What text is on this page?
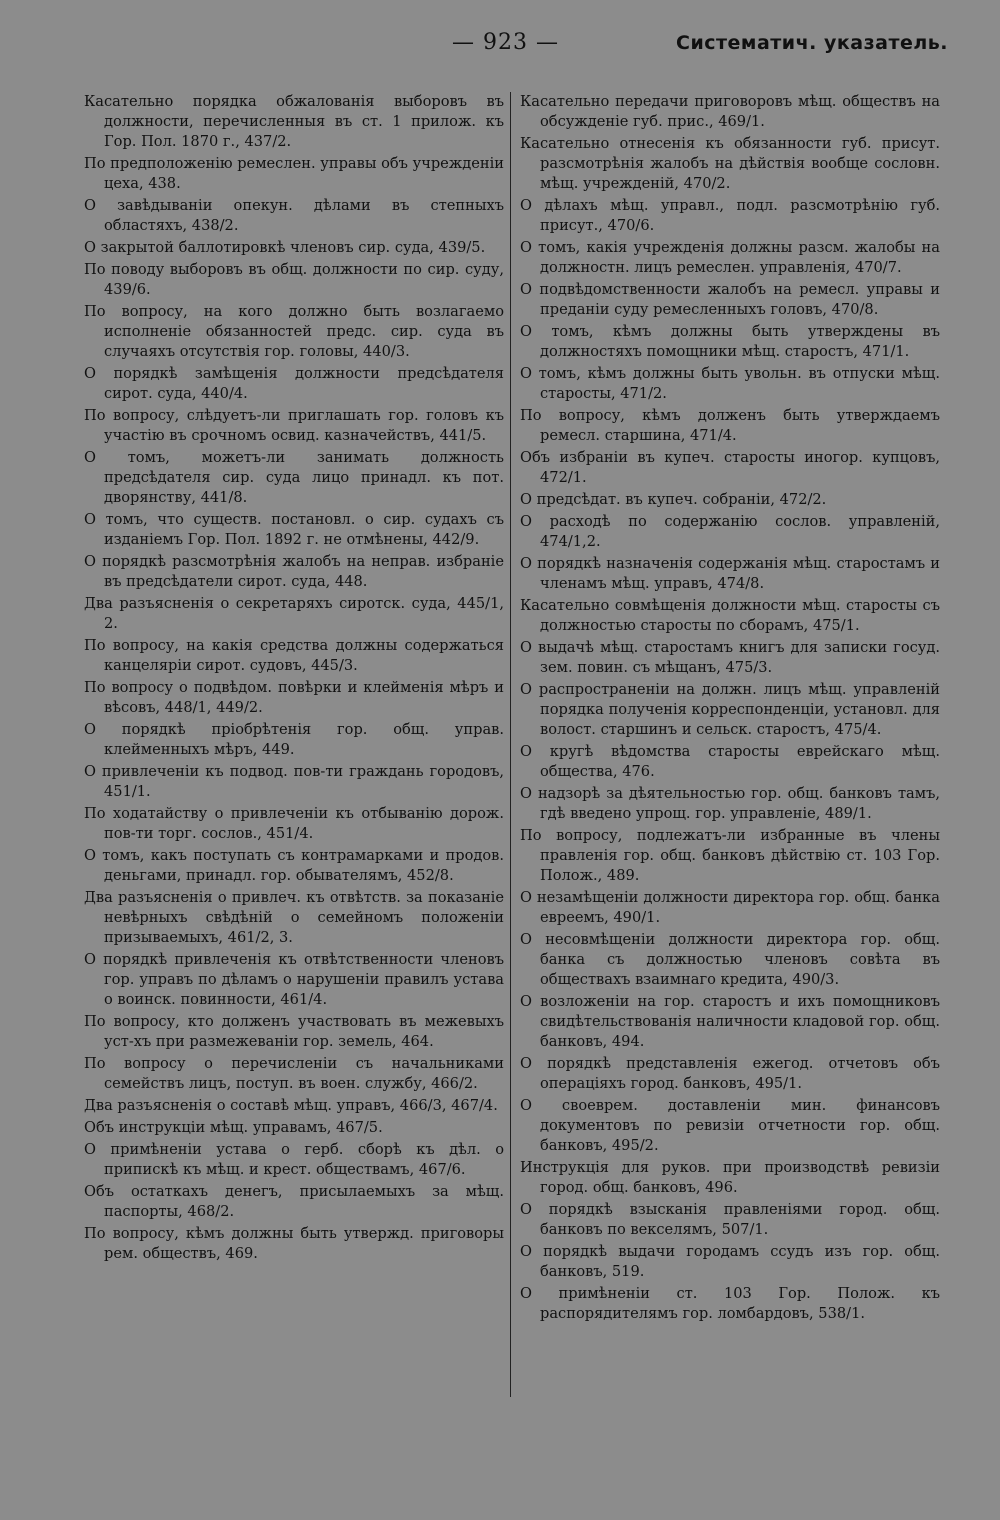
— 923 —	Систематич. указатель.

Касательно порядка обжалованія выборовъ въ должности, перечисленныя въ ст. 1 прилож. къ Гор. Пол. 1870 г., 437/2.

По предположенію ремеслен. управы объ учрежденіи цеха, 438.

О завѣдываніи опекун. дѣлами въ степныхъ областяхъ, 438/2.

О закрытой баллотировкѣ членовъ сир. суда, 439/5.

По поводу выборовъ въ общ. должности по сир. суду, 439/6.

По вопросу, на кого должно быть возлагаемо исполненіе обязанностей предс. сир. суда въ случаяхъ отсутствія гор. головы, 440/3.

О порядкѣ замѣщенія должности предсѣдателя сирот. суда, 440/4.

По вопросу, слѣдуетъ-ли приглашать гор. головъ къ участію въ срочномъ освид. казначействъ, 441/5.

О томъ, можетъ-ли занимать должность предсѣдателя сир. суда лицо принадл. къ пот. дворянству, 441/8.

О томъ, что существ. постановл. о сир. судахъ съ изданіемъ Гор. Пол. 1892 г. не отмѣнены, 442/9.

О порядкѣ разсмотрѣнія жалобъ на неправ. избраніе въ предсѣдатели сирот. суда, 448.

Два разъясненія о секретаряхъ сиротск. суда, 445/1, 2.

По вопросу, на какія средства должны содержаться канцеляріи сирот. судовъ, 445/3.

По вопросу о подвѣдом. повѣрки и клейменія мѣръ и вѣсовъ, 448/1, 449/2.

О порядкѣ пріобрѣтенія гор. общ. управ. клейменныхъ мѣръ, 449.

О привлеченіи къ подвод. пов-ти граждань городовъ, 451/1.

По ходатайству о привлеченіи къ отбыванію дорож. пов-ти торг. сослов., 451/4.

О томъ, какъ поступать съ контрамарками и продов. деньгами, принадл. гор. обывателямъ, 452/8.

Два разъясненія о привлеч. къ отвѣтств. за показаніе невѣрныхъ свѣдѣній о семейномъ положеніи призываемыхъ, 461/2, 3.

О порядкѣ привлеченія къ отвѣтственности членовъ гор. управъ по дѣламъ о нарушеніи правилъ устава о воинск. повинности, 461/4.

По вопросу, кто долженъ участвовать въ межевыхъ уст-хъ при размежеваніи гор. земель, 464.

По вопросу о перечисленіи съ начальниками семействъ лицъ, поступ. въ воен. службу, 466/2.

Два разъясненія о составѣ мѣщ. управъ, 466/3, 467/4.

Объ инструкціи мѣщ. управамъ, 467/5.

О примѣненіи устава о герб. сборѣ къ дѣл. о припискѣ къ мѣщ. и крест. обществамъ, 467/6.

Объ остаткахъ денегъ, присылаемыхъ за мѣщ. паспорты, 468/2.

По вопросу, кѣмъ должны быть утвержд. приговоры рем. обществъ, 469.

Касательно передачи приговоровъ мѣщ. обществъ на обсужденіе губ. прис., 469/1.

Касательно отнесенія къ обязанности губ. присут. разсмотрѣнія жалобъ на дѣйствія вообще сословн. мѣщ. учрежденій, 470/2.

О дѣлахъ мѣщ. управл., подл. разсмотрѣнію губ. присут., 470/6.

О томъ, какія учрежденія должны разсм. жалобы на должностн. лицъ ремеслен. управленія, 470/7.

О подвѣдомственности жалобъ на ремесл. управы и преданіи суду ремесленныхъ головъ, 470/8.

О томъ, кѣмъ должны быть утверждены въ должностяхъ помощники мѣщ. старостъ, 471/1.

О томъ, кѣмъ должны быть увольн. въ отпуски мѣщ. старосты, 471/2.

По вопросу, кѣмъ долженъ быть утверждаемъ ремесл. старшина, 471/4.

Объ избраніи въ купеч. старосты иногор. купцовъ, 472/1.

О предсѣдат. въ купеч. собраніи, 472/2.

О расходѣ по содержанію сослов. управленій, 474/1,2.

О порядкѣ назначенія содержанія мѣщ. старостамъ и членамъ мѣщ. управъ, 474/8.

Касательно совмѣщенія должности мѣщ. старосты съ должностью старосты по сборамъ, 475/1.

О выдачѣ мѣщ. старостамъ книгъ для записки госуд. зем. повин. съ мѣщанъ, 475/3.

О распространеніи на должн. лицъ мѣщ. управленій порядка полученія корреспонденціи, установл. для волост. старшинъ и сельск. старостъ, 475/4.

О кругѣ вѣдомства старосты еврейскаго мѣщ. общества, 476.

О надзорѣ за дѣятельностью гор. общ. банковъ тамъ, гдѣ введено упрощ. гор. управленіе, 489/1.

По вопросу, подлежатъ-ли избранные въ члены правленія гор. общ. банковъ дѣйствію ст. 103 Гор. Полож., 489.

О незамѣщеніи должности директора гор. общ. банка евреемъ, 490/1.

О несовмѣщеніи должности директора гор. общ. банка съ должностью членовъ совѣта въ обществахъ взаимнаго кредита, 490/3.

О возложеніи на гор. старостъ и ихъ помощниковъ свидѣтельствованія наличности кладовой гор. общ. банковъ, 494.

О порядкѣ представленія ежегод. отчетовъ объ операціяхъ город. банковъ, 495/1.

О своеврем. доставленіи мин. финансовъ документовъ по ревизіи отчетности гор. общ. банковъ, 495/2.

Инструкція для руков. при производствѣ ревизіи город. общ. банковъ, 496.

О порядкѣ взысканія правленіями город. общ. банковъ по векселямъ, 507/1.

О порядкѣ выдачи городамъ ссудъ изъ гор. общ. банковъ, 519.

О примѣненіи ст. 103 Гор. Полож. къ распорядителямъ гор. ломбардовъ, 538/1.
